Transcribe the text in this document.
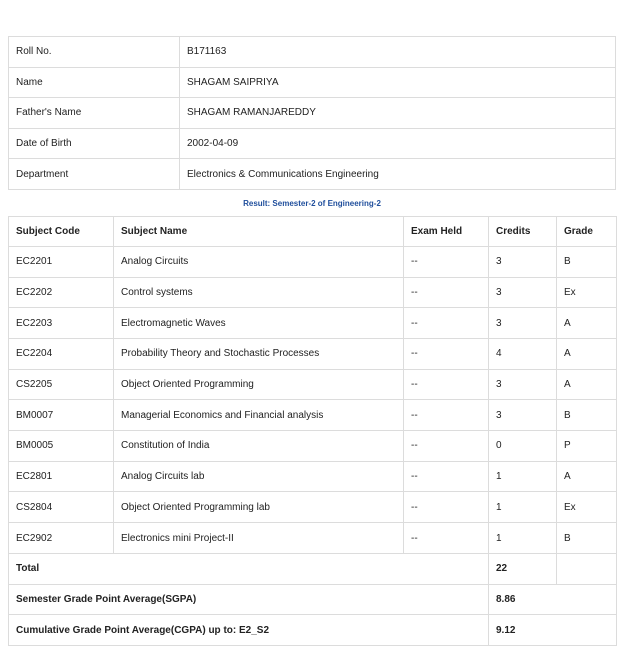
Roll No.	B171163
Name	SHAGAM SAIPRIYA
Father's Name	SHAGAM RAMANJAREDDY
Date of Birth	2002-04-09
Department	Electronics & Communications Engineering
Result: Semester-2 of Engineering-2
Subject Code	Subject Name	Exam Held	Credits	Grade
EC2201	Analog Circuits	--	3	B
EC2202	Control systems	--	3	Ex
EC2203	Electromagnetic Waves	--	3	A
EC2204	Probability Theory and Stochastic Processes	--	4	A
CS2205	Object Oriented Programming	--	3	A
BM0007	Managerial Economics and Financial analysis	--	3	B
BM0005	Constitution of India	--	0	P
EC2801	Analog Circuits lab	--	1	A
CS2804	Object Oriented Programming lab	--	1	Ex
EC2902	Electronics mini Project-II	--	1	B
Total			22	
Semester Grade Point Average(SGPA)			8.86	
Cumulative Grade Point Average(CGPA) up to: E2_S2			9.12	
